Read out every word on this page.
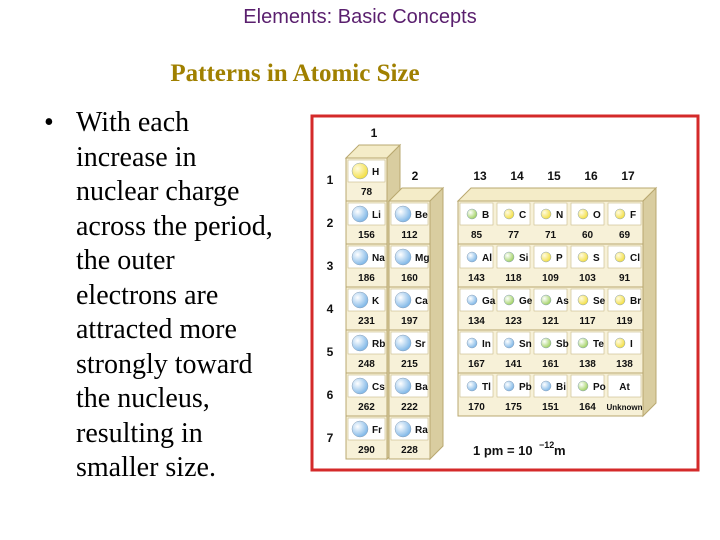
Elements: Basic Concepts
Patterns in Atomic Size
• With each
increase in
nuclear charge
across the period,
the outer
electrons are
attracted more
strongly toward
the nucleus,
resulting in
smaller size.
1
2	13 14 15 16 17
1
2
3
4
5
6
7
H
78
Li
156
Be
112
B
85
C
77
N
71
O
60
F
69
Na
186
Mg
160
Al
143
Si
118
P
109
S
103
Cl
91
K
231
Ca
197
Ga
134
Ge
123
As
121
Se
117
Br
119
Rb
248
Sr
215
In
167
Sn
141
Sb
161
Te
138
I
138
Cs
262
Ba
222
Tl
170
Pb
175
Bi
151
Po
164
At
Unknown
Fr
290
Ra
228	1 pm = 10 −12 m
